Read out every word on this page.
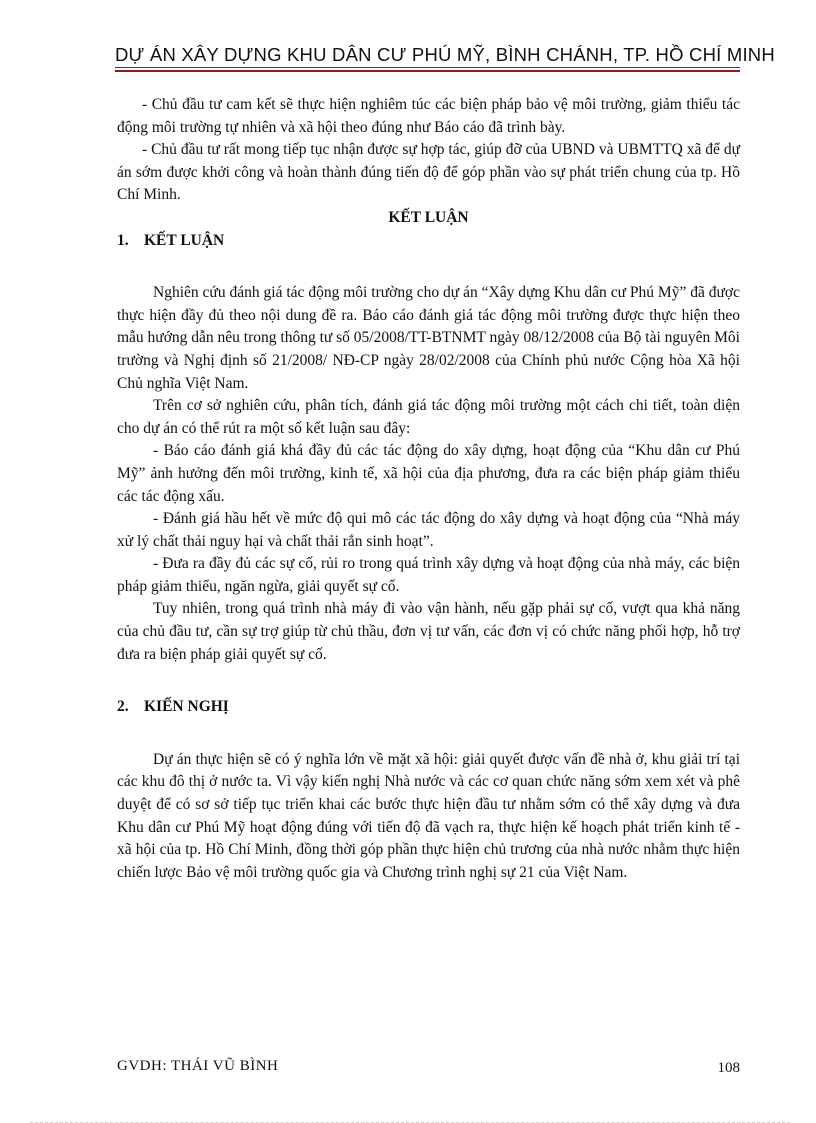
DỰ ÁN XÂY DỰNG KHU DÂN CƯ PHÚ MỸ, BÌNH CHÁNH, TP. HỒ CHÍ MINH

- Chủ đầu tư cam kết sẽ thực hiện nghiêm túc các biện pháp bảo vệ môi trường, giảm thiểu tác động môi trường tự nhiên và xã hội theo đúng như Báo cáo đã trình bày.

- Chủ đầu tư rất mong tiếp tục nhận được sự hợp tác, giúp đỡ của UBND và UBMTTQ xã để dự án sớm được khởi công và hoàn thành đúng tiến độ để góp phần vào sự phát triển chung của tp. Hồ Chí Minh.

KẾT LUẬN

1. KẾT LUẬN

Nghiên cứu đánh giá tác động môi trường cho dự án “Xây dựng Khu dân cư Phú Mỹ” đã được thực hiện đầy đủ theo nội dung đề ra. Báo cáo đánh giá tác động môi trường được thực hiện theo mẫu hướng dẫn nêu trong thông tư số 05/2008/TT-BTNMT ngày 08/12/2008 của Bộ tài nguyên Môi trường và Nghị định số 21/2008/ NĐ-CP ngày 28/02/2008 của Chính phủ nước Cộng hòa Xã hội Chủ nghĩa Việt Nam.

Trên cơ sở nghiên cứu, phân tích, đánh giá tác động môi trường một cách chi tiết, toàn diện cho dự án có thể rút ra một số kết luận sau đây:

- Báo cáo đánh giá khá đầy đủ các tác động do xây dựng, hoạt động của “Khu dân cư Phú Mỹ” ảnh hưởng đến môi trường, kinh tế, xã hội của địa phương, đưa ra các biện pháp giảm thiểu các tác động xấu.

- Đánh giá hầu hết về mức độ qui mô các tác động do xây dựng và hoạt động của “Nhà máy xử lý chất thải nguy hại và chất thải rắn sinh hoạt”.

- Đưa ra đầy đủ các sự cố, rủi ro trong quá trình xây dựng và hoạt động của nhà máy, các biện pháp giảm thiểu, ngăn ngừa, giải quyết sự cố.

Tuy nhiên, trong quá trình nhà máy đi vào vận hành, nếu gặp phải sự cố, vượt qua khả năng của chủ đầu tư, cần sự trợ giúp từ chủ thầu, đơn vị tư vấn, các đơn vị có chức năng phối hợp, hỗ trợ đưa ra biện pháp giải quyết sự cố.

2. KIẾN NGHỊ

Dự án thực hiện sẽ có ý nghĩa lớn về mặt xã hội: giải quyết được vấn đề nhà ở, khu giải trí tại các khu đô thị ở nước ta. Vì vậy kiến nghị Nhà nước và các cơ quan chức năng sớm xem xét và phê duyệt để có sơ sở tiếp tục triển khai các bước thực hiện đầu tư nhằm sớm có thể xây dựng và đưa Khu dân cư Phú Mỹ hoạt động đúng với tiến độ đã vạch ra, thực hiện kế hoạch phát triển kinh tế - xã hội của tp. Hồ Chí Minh, đồng thời góp phần thực hiện chủ trương của nhà nước nhằm thực hiện chiến lược Bảo vệ môi trường quốc gia và Chương trình nghị sự 21 của Việt Nam.

GVDH: THÁI VŨ BÌNH	108
